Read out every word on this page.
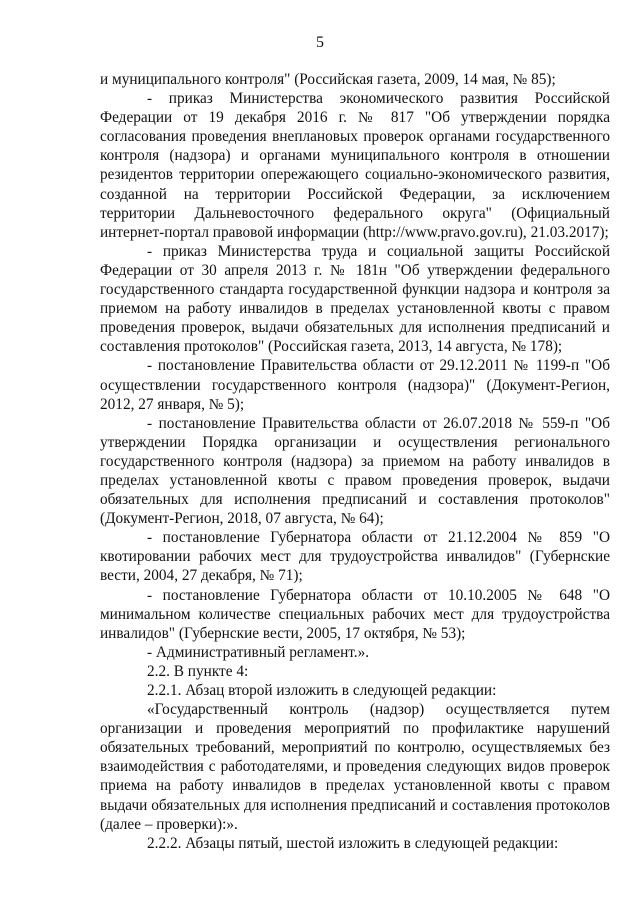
5

и муниципального контроля" (Российская газета, 2009, 14 мая, № 85);

- приказ Министерства экономического развития Российской Федерации от 19 декабря 2016 г. № 817 "Об утверждении порядка согласования проведения внеплановых проверок органами государственного контроля (надзора) и органами муниципального контроля в отношении резидентов территории опережающего социально-экономического развития, созданной на территории Российской Федерации, за исключением территории Дальневосточного федерального округа" (Официальный интернет-портал правовой информации (http://www.pravo.gov.ru), 21.03.2017);

- приказ Министерства труда и социальной защиты Российской Федерации от 30 апреля 2013 г. № 181н "Об утверждении федерального государственного стандарта государственной функции надзора и контроля за приемом на работу инвалидов в пределах установленной квоты с правом проведения проверок, выдачи обязательных для исполнения предписаний и составления протоколов" (Российская газета, 2013, 14 августа, № 178);

- постановление Правительства области от 29.12.2011 № 1199-п "Об осуществлении государственного контроля (надзора)" (Документ-Регион, 2012, 27 января, № 5);

- постановление Правительства области от 26.07.2018 № 559-п "Об утверждении Порядка организации и осуществления регионального государственного контроля (надзора) за приемом на работу инвалидов в пределах установленной квоты с правом проведения проверок, выдачи обязательных для исполнения предписаний и составления протоколов" (Документ-Регион, 2018, 07 августа, № 64);

- постановление Губернатора области от 21.12.2004 № 859 "О квотировании рабочих мест для трудоустройства инвалидов" (Губернские вести, 2004, 27 декабря, № 71);

- постановление Губернатора области от 10.10.2005 № 648 "О минимальном количестве специальных рабочих мест для трудоустройства инвалидов" (Губернские вести, 2005, 17 октября, № 53);

- Административный регламент.».

2.2. В пункте 4:

2.2.1. Абзац второй изложить в следующей редакции:

«Государственный контроль (надзор) осуществляется путем организации и проведения мероприятий по профилактике нарушений обязательных требований, мероприятий по контролю, осуществляемых без взаимодействия с работодателями, и проведения следующих видов проверок приема на работу инвалидов в пределах установленной квоты с правом выдачи обязательных для исполнения предписаний и составления протоколов (далее – проверки):».

2.2.2. Абзацы пятый, шестой изложить в следующей редакции:
